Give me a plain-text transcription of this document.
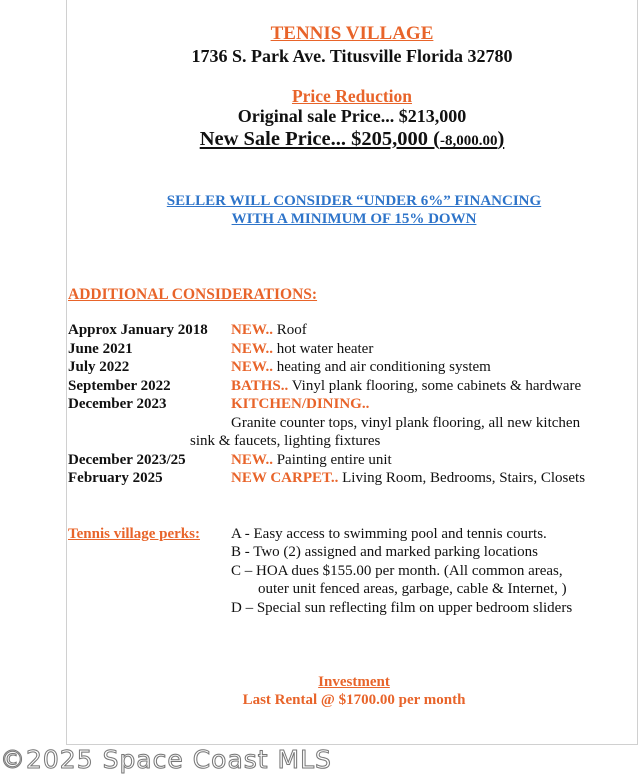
TENNIS VILLAGE
1736 S. Park Ave. Titusville Florida 32780
Price Reduction
Original sale Price... $213,000
New Sale Price... $205,000 (-8,000.00)
SELLER WILL CONSIDER “UNDER 6%” FINANCING
WITH A MINIMUM OF 15% DOWN
ADDITIONAL CONSIDERATIONS:
Approx January 2018 NEW.. Roof
June 2021	NEW.. hot water heater
July 2022	NEW.. heating and air conditioning system
September 2022	BATHS.. Vinyl plank flooring, some cabinets & hardware
December 2023	KITCHEN/DINING..
Granite counter tops, vinyl plank flooring, all new kitchen
sink & faucets, lighting fixtures
December 2023/25	NEW.. Painting entire unit
February 2025	NEW CARPET.. Living Room, Bedrooms, Stairs, Closets
Tennis village perks: A - Easy access to swimming pool and tennis courts.
B - Two (2) assigned and marked parking locations
C – HOA dues $155.00 per month. (All common areas,
outer unit fenced areas, garbage, cable & Internet, )
D – Special sun reflecting film on upper bedroom sliders
Investment
Last Rental @ $1700.00 per month
©2025 Space Coast MLS
